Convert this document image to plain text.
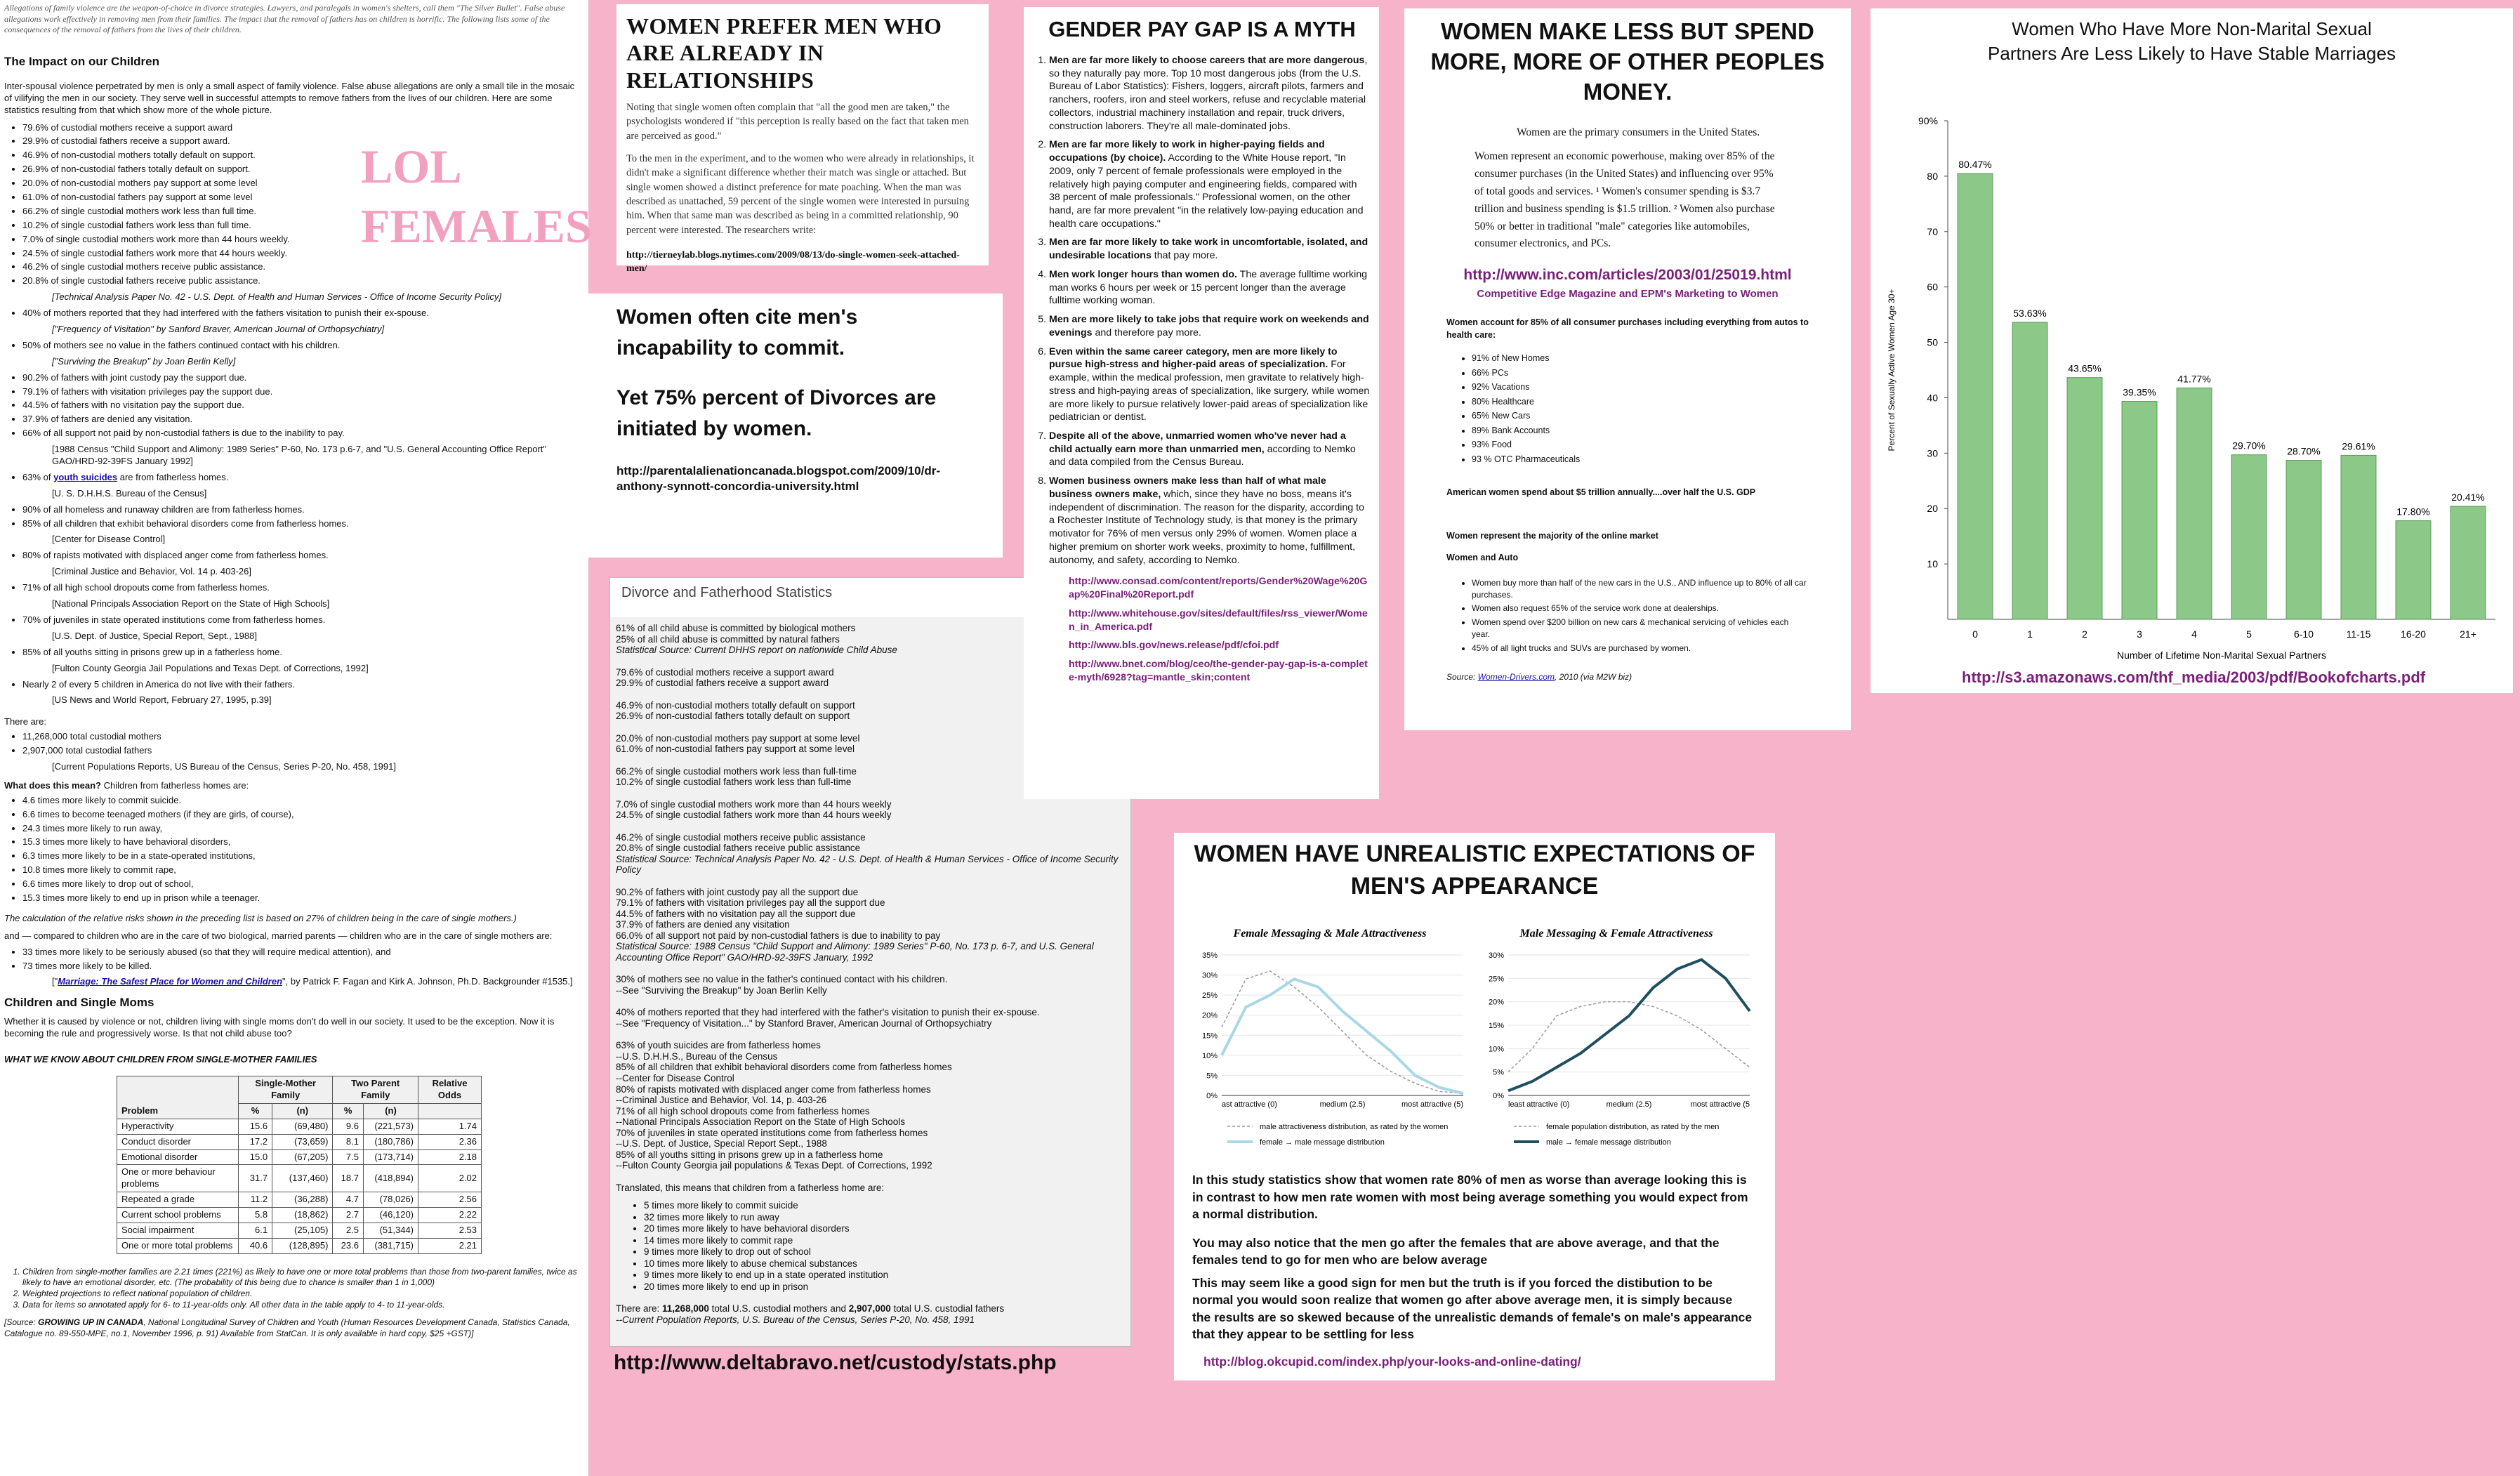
Allegations of family violence are the weapon-of-choice in divorce strategies. Lawyers, and paralegals in women's shelters, call them "The Silver Bullet". False abuse allegations work effectively in removing men from their families. The impact that the removal of fathers has on children is horrific. The following lists some of the consequences of the removal of fathers from the lives of their children.

The Impact on our Children

Inter-spousal violence perpetrated by men is only a small aspect of family violence. False abuse allegations are only a small tile in the mosaic of vilifying the men in our society. They serve well in successful attempts to remove fathers from the lives of our children. Here are some statistics resulting from that which show more of the whole picture.

• 79.6% of custodial mothers receive a support award
• 29.9% of custodial fathers receive a support award.
• 46.9% of non-custodial mothers totally default on support.
• 26.9% of non-custodial fathers totally default on support.
• 20.0% of non-custodial mothers pay support at some level
• 61.0% of non-custodial fathers pay support at some level
• 66.2% of single custodial mothers work less than full time.
• 10.2% of single custodial fathers work less than full time.
• 7.0% of single custodial mothers work more than 44 hours weekly.
• 24.5% of single custodial fathers work more that 44 hours weekly.
• 46.2% of single custodial mothers receive public assistance.
• 20.8% of single custodial fathers receive public assistance.

[Technical Analysis Paper No. 42 - U.S. Dept. of Health and Human Services - Office of Income Security Policy]

• 40% of mothers reported that they had interfered with the fathers visitation to punish their ex-spouse.

["Frequency of Visitation" by Sanford Braver, American Journal of Orthopsychiatry]

• 50% of mothers see no value in the fathers continued contact with his children.

["Surviving the Breakup" by Joan Berlin Kelly]

• 90.2% of fathers with joint custody pay the support due.
• 79.1% of fathers with visitation privileges pay the support due.
• 44.5% of fathers with no visitation pay the support due.
• 37.9% of fathers are denied any visitation.
• 66% of all support not paid by non-custodial fathers is due to the inability to pay.

[1988 Census "Child Support and Alimony: 1989 Series" P-60, No. 173 p.6-7, and "U.S. General Accounting Office Report" GAO/HRD-92-39FS January 1992]

• 63% of youth suicides are from fatherless homes.

[U. S. D.H.H.S. Bureau of the Census]

• 90% of all homeless and runaway children are from fatherless homes.
• 85% of all children that exhibit behavioral disorders come from fatherless homes.

[Center for Disease Control]

• 80% of rapists motivated with displaced anger come from fatherless homes.

[Criminal Justice and Behavior, Vol. 14 p. 403-26]

• 71% of all high school dropouts come from fatherless homes.

[National Principals Association Report on the State of High Schools]

• 70% of juveniles in state operated institutions come from fatherless homes.

[U.S. Dept. of Justice, Special Report, Sept., 1988]

• 85% of all youths sitting in prisons grew up in a fatherless home.

[Fulton County Georgia Jail Populations and Texas Dept. of Corrections, 1992]

• Nearly 2 of every 5 children in America do not live with their fathers.

[US News and World Report, February 27, 1995, p.39]

There are:

• 11,268,000 total custodial mothers
• 2,907,000 total custodial fathers

[Current Populations Reports, US Bureau of the Census, Series P-20, No. 458, 1991]

What does this mean? Children from fatherless homes are:

• 4.6 times more likely to commit suicide.
• 6.6 times to become teenaged mothers (if they are girls, of course),
• 24.3 times more likely to run away,
• 15.3 times more likely to have behavioral disorders,
• 6.3 times more likely to be in a state-operated institutions,
• 10.8 times more likely to commit rape,
• 6.6 times more likely to drop out of school,
• 15.3 times more likely to end up in prison while a teenager.

The calculation of the relative risks shown in the preceding list is based on 27% of children being in the care of single mothers.)

and — compared to children who are in the care of two biological, married parents — children who are in the care of single mothers are:

• 33 times more likely to be seriously abused (so that they will require medical attention), and
• 73 times more likely to be killed.

["Marriage: The Safest Place for Women and Children", by Patrick F. Fagan and Kirk A. Johnson, Ph.D. Backgrounder #1535.]

Children and Single Moms

Whether it is caused by violence or not, children living with single moms don't do well in our society. It used to be the exception. Now it is becoming the rule and progressively worse. Is that not child abuse too?

WHAT WE KNOW ABOUT CHILDREN FROM SINGLE-MOTHER FAMILIES
Problem	Single-Mother Family		Two Parent Family		Relative Odds
	%	(n)	%	(n)	
Hyperactivity	15.6	(69,480)	9.6	(221,573)	1.74
Conduct disorder	17.2	(73,659)	8.1	(180,786)	2.36
Emotional disorder	15.0	(67,205)	7.5	(173,714)	2.18
One or more behaviour problems	31.7	(137,460)	18.7	(418,894)	2.02
Repeated a grade	11.2	(36,288)	4.7	(78,026)	2.56
Current school problems	5.8	(18,862)	2.7	(46,120)	2.22
Social impairment	6.1	(25,105)	2.5	(51,344)	2.53
One or more total problems	40.6	(128,895)	23.6	(381,715)	2.21
1. Children from single-mother families are 2.21 times (221%) as likely to have one or more total problems than those from two-parent families, twice as likely to have an emotional disorder, etc. (The probability of this being due to chance is smaller than 1 in 1,000)
2. Weighted projections to reflect national population of children.
3. Data for items so annotated apply for 6- to 11-year-olds only. All other data in the table apply to 4- to 11-year-olds.

[Source: GROWING UP IN CANADA, National Longitudinal Survey of Children and Youth (Human Resources Development Canada, Statistics Canada, Catalogue no. 89-550-MPE, no.1, November 1996, p. 91) Available from StatCan. It is only available in hard copy, $25 +GST)]

LOL
FEMALES
WOMEN PREFER MEN WHO ARE ALREADY IN RELATIONSHIPS

Noting that single women often complain that "all the good men are taken," the psychologists wondered if "this perception is really based on the fact that taken men are perceived as good."

To the men in the experiment, and to the women who were already in relationships, it didn't make a significant difference whether their match was single or attached. But single women showed a distinct preference for mate poaching. When the man was described as unattached, 59 percent of the single women were interested in pursuing him. When that same man was described as being in a committed relationship, 90 percent were interested. The researchers write:

http://tierneylab.blogs.nytimes.com/2009/08/13/do-single-women-seek-attached-men/

Women often cite men's incapability to commit.

Yet 75% percent of Divorces are initiated by women.

http://parentalalienationcanada.blogspot.com/2009/10/dr-anthony-synnott-concordia-university.html

Divorce and Fatherhood Statistics
61% of all child abuse is committed by biological mothers
25% of all child abuse is committed by natural fathers
Statistical Source: Current DHHS report on nationwide Child Abuse
79.6% of custodial mothers receive a support award
29.9% of custodial fathers receive a support award
46.9% of non-custodial mothers totally default on support
26.9% of non-custodial fathers totally default on support
20.0% of non-custodial mothers pay support at some level
61.0% of non-custodial fathers pay support at some level
66.2% of single custodial mothers work less than full-time
10.2% of single custodial fathers work less than full-time
7.0% of single custodial mothers work more than 44 hours weekly
24.5% of single custodial fathers work more than 44 hours weekly
46.2% of single custodial mothers receive public assistance
20.8% of single custodial fathers receive public assistance
Statistical Source: Technical Analysis Paper No. 42 - U.S. Dept. of Health & Human Services - Office of Income Security Policy
90.2% of fathers with joint custody pay all the support due
79.1% of fathers with visitation privileges pay all the support due
44.5% of fathers with no visitation pay all the support due
37.9% of fathers are denied any visitation
66.0% of all support not paid by non-custodial fathers is due to inability to pay
Statistical Source: 1988 Census "Child Support and Alimony: 1989 Series" P-60, No. 173 p. 6-7, and U.S. General Accounting Office Report" GAO/HRD-92-39FS January, 1992
30% of mothers see no value in the father's continued contact with his children.
--See "Surviving the Breakup" by Joan Berlin Kelly
40% of mothers reported that they had interfered with the father's visitation to punish their ex-spouse.
--See "Frequency of Visitation..." by Stanford Braver, American Journal of Orthopsychiatry
63% of youth suicides are from fatherless homes
--U.S. D.H.H.S., Bureau of the Census
85% of all children that exhibit behavioral disorders come from fatherless homes
--Center for Disease Control
80% of rapists motivated with displaced anger come from fatherless homes
--Criminal Justice and Behavior, Vol. 14, p. 403-26
71% of all high school dropouts come from fatherless homes
--National Principals Association Report on the State of High Schools
70% of juveniles in state operated institutions come from fatherless homes
--U.S. Dept. of Justice, Special Report Sept., 1988
85% of all youths sitting in prisons grew up in a fatherless home
--Fulton County Georgia jail populations & Texas Dept. of Corrections, 1992
Translated, this means that children from a fatherless home are:
• 5 times more likely to commit suicide
• 32 times more likely to run away
• 20 times more likely to have behavioral disorders
• 14 times more likely to commit rape
• 9 times more likely to drop out of school
• 10 times more likely to abuse chemical substances
• 9 times more likely to end up in a state operated institution
• 20 times more likely to end up in prison
There are: 11,268,000 total U.S. custodial mothers and 2,907,000 total U.S. custodial fathers
--Current Population Reports, U.S. Bureau of the Census, Series P-20, No. 458, 1991
http://www.deltabravo.net/custody/stats.php
GENDER PAY GAP IS A MYTH
1. Men are far more likely to choose careers that are more dangerous, so they naturally pay more. Top 10 most dangerous jobs (from the U.S. Bureau of Labor Statistics): Fishers, loggers, aircraft pilots, farmers and ranchers, roofers, iron and steel workers, refuse and recyclable material collectors, industrial machinery installation and repair, truck drivers, construction laborers. They're all male-dominated jobs.
2. Men are far more likely to work in higher-paying fields and occupations (by choice). According to the White House report, "In 2009, only 7 percent of female professionals were employed in the relatively high paying computer and engineering fields, compared with 38 percent of male professionals." Professional women, on the other hand, are far more prevalent "in the relatively low-paying education and health care occupations."
3. Men are far more likely to take work in uncomfortable, isolated, and undesirable locations that pay more.
4. Men work longer hours than women do. The average fulltime working man works 6 hours per week or 15 percent longer than the average fulltime working woman.
5. Men are more likely to take jobs that require work on weekends and evenings and therefore pay more.
6. Even within the same career category, men are more likely to pursue high-stress and higher-paid areas of specialization. For example, within the medical profession, men gravitate to relatively high-stress and high-paying areas of specialization, like surgery, while women are more likely to pursue relatively lower-paid areas of specialization like pediatrician or dentist.
7. Despite all of the above, unmarried women who've never had a child actually earn more than unmarried men, according to Nemko and data compiled from the Census Bureau.
8. Women business owners make less than half of what male business owners make, which, since they have no boss, means it's independent of discrimination. The reason for the disparity, according to a Rochester Institute of Technology study, is that money is the primary motivator for 76% of men versus only 29% of women. Women place a higher premium on shorter work weeks, proximity to home, fulfillment, autonomy, and safety, according to Nemko.
http://www.consad.com/content/reports/Gender%20Wage%20Gap%20Final%20Report.pdf
http://www.whitehouse.gov/sites/default/files/rss_viewer/Women_in_America.pdf
http://www.bls.gov/news.release/pdf/cfoi.pdf
http://www.bnet.com/blog/ceo/the-gender-pay-gap-is-a-complete-myth/6928?tag=mantle_skin;content
WOMEN MAKE LESS BUT SPEND MORE, MORE OF OTHER PEOPLES MONEY.

Women are the primary consumers in the United States.

Women represent an economic powerhouse, making over 85% of the consumer purchases (in the United States) and influencing over 95% of total goods and services. ¹ Women's consumer spending is $3.7 trillion and business spending is $1.5 trillion. ² Women also purchase 50% or better in traditional "male" categories like automobiles, consumer electronics, and PCs.

http://www.inc.com/articles/2003/01/25019.html

Competitive Edge Magazine and EPM's Marketing to Women

Women account for 85% of all consumer purchases including everything from autos to health care:

• 91% of New Homes
• 66% PCs
• 92% Vacations
• 80% Healthcare
• 65% New Cars
• 89% Bank Accounts
• 93% Food
• 93 % OTC Pharmaceuticals

American women spend about $5 trillion annually....over half the U.S. GDP

Women represent the majority of the online market

Women and Auto

• Women buy more than half of the new cars in the U.S., AND influence up to 80% of all car purchases.
• Women also request 65% of the service work done at dealerships.
• Women spend over $200 billion on new cars & mechanical servicing of vehicles each year.
• 45% of all light trucks and SUVs are purchased by women.

Source: Women-Drivers.com, 2010 (via M2W biz)

Women Who Have More Non-Marital Sexual Partners Are Less Likely to Have Stable Marriages
90%
80
70
60
50
40
30
20
10
80.47%
0
53.63%
1
43.65%
2
39.35%
3
41.77%
4
29.70%
5
28.70%
6-10
29.61%
11-15
17.80%
16-20
20.41%
21+
Number of Lifetime Non-Marital Sexual Partners
Percent of Sexually Active Women Age 30+
http://s3.amazonaws.com/thf_media/2003/pdf/Bookofcharts.pdf
WOMEN HAVE UNREALISTIC EXPECTATIONS OF MEN'S APPEARANCE
Female Messaging & Male Attractiveness
35%
30%
25%
20%
15%
10%
5%
0%
ast attractive (0)	medium (2.5)	most attractive (5)
male attractiveness distribution, as rated by the women
female → male message distribution
Male Messaging & Female Attractiveness
30%
25%
20%
15%
10%
5%
0%
least attractive (0)	medium (2.5)	most attractive (5
female population distribution, as rated by the men
male → female message distribution

In this study statistics show that women rate 80% of men as worse than average looking this is in contrast to how men rate women with most being average something you would expect from a normal distribution.

You may also notice that the men go after the females that are above average, and that the females tend to go for men who are below average

This may seem like a good sign for men but the truth is if you forced the distibution to be normal you would soon realize that women go after above average men, it is simply because the results are so skewed because of the unrealistic demands of female's on male's appearance that they appear to be settling for less

http://blog.okcupid.com/index.php/your-looks-and-online-dating/
